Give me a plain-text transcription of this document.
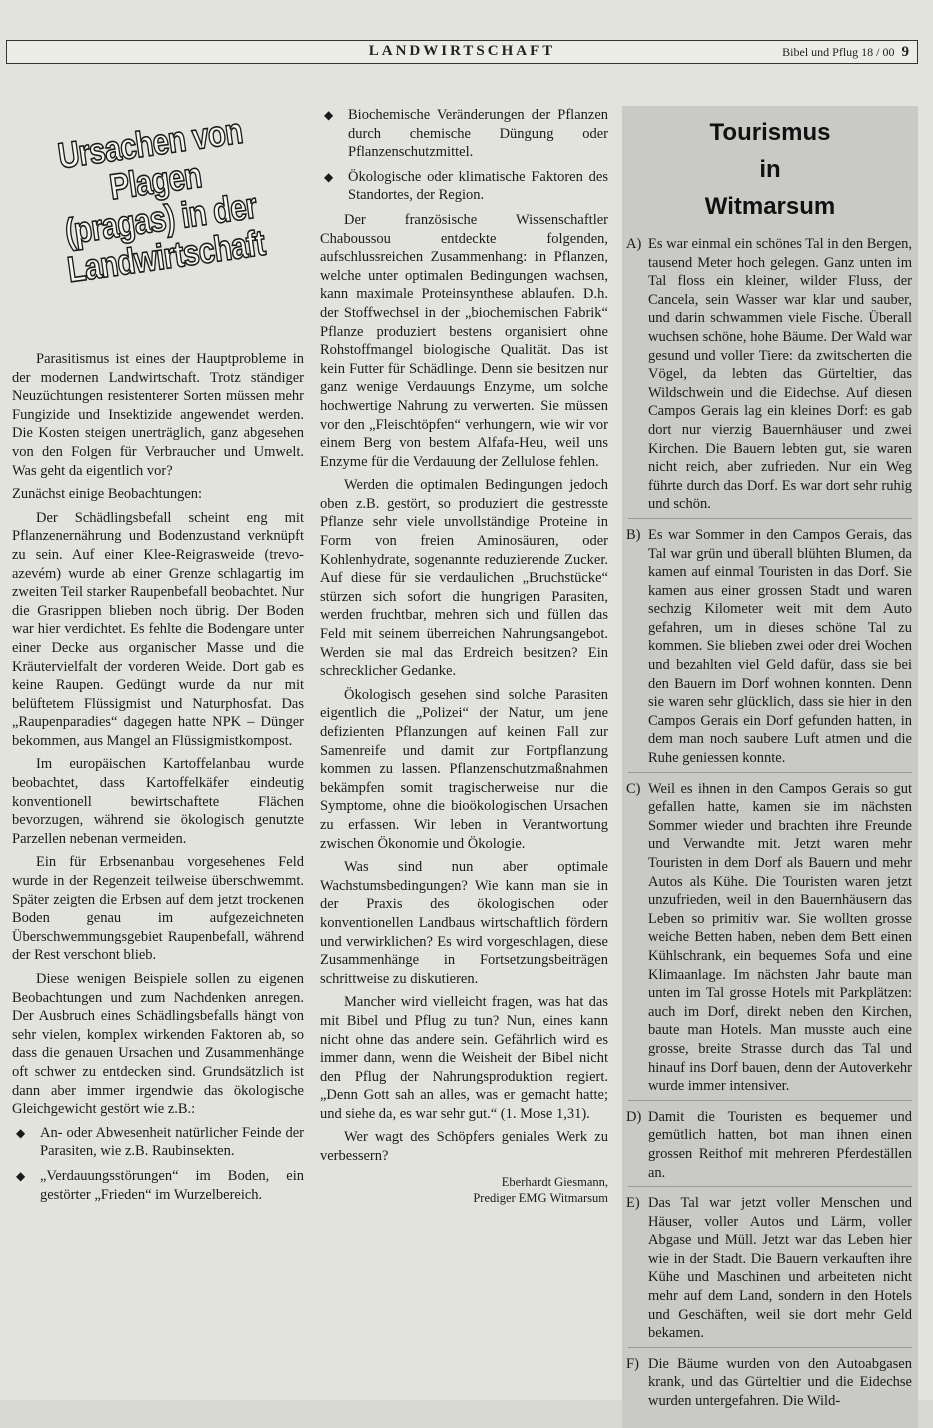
LANDWIRTSCHAFT	Bibel und Pflug 18 / 00 9
Ursachen von Plagen
(pragas) in der
Landwirtschaft

Parasitismus ist eines der Hauptprobleme in der modernen Landwirtschaft. Trotz ständiger Neuzüchtungen resistenterer Sorten müssen mehr Fungizide und Insektizide angewendet werden. Die Kosten steigen unerträglich, ganz abgesehen von den Folgen für Verbraucher und Umwelt. Was geht da eigentlich vor?

Zunächst einige Beobachtungen:

Der Schädlingsbefall scheint eng mit Pflanzenernährung und Bodenzustand verknüpft zu sein. Auf einer Klee-Reigrasweide (trevo-azevém) wurde ab einer Grenze schlagartig im zweiten Teil starker Raupenbefall beobachtet. Nur die Grasrippen blieben noch übrig. Der Boden war hier verdichtet. Es fehlte die Bodengare unter einer Decke aus organischer Masse und die Kräutervielfalt der vorderen Weide. Dort gab es keine Raupen. Gedüngt wurde da nur mit belüftetem Flüssigmist und Naturphosfat. Das „Raupenparadies“ dagegen hatte NPK – Dünger bekommen, aus Mangel an Flüssigmistkompost.

Im europäischen Kartoffelanbau wurde beobachtet, dass Kartoffelkäfer eindeutig konventionell bewirtschaftete Flächen bevorzugen, während sie ökologisch genutzte Parzellen nebenan vermeiden.

Ein für Erbsenanbau vorgesehenes Feld wurde in der Regenzeit teilweise überschwemmt. Später zeigten die Erbsen auf dem jetzt trockenen Boden genau im aufgezeichneten Überschwemmungsgebiet Raupenbefall, während der Rest verschont blieb.

Diese wenigen Beispiele sollen zu eigenen Beobachtungen und zum Nachdenken anregen. Der Ausbruch eines Schädlingsbefalls hängt von sehr vielen, komplex wirkenden Faktoren ab, so dass die genauen Ursachen und Zusammenhänge oft schwer zu entdecken sind. Grundsätzlich ist dann aber immer irgendwie das ökologische Gleichgewicht gestört wie z.B.:

◆ An- oder Abwesenheit natürlicher Feinde der Parasiten, wie z.B. Raubinsekten.
◆ „Verdauungsstörungen“ im Boden, ein gestörter „Frieden“ im Wurzelbereich.
◆ Biochemische Veränderungen der Pflanzen durch chemische Düngung oder Pflanzenschutzmittel.
◆ Ökologische oder klimatische Faktoren des Standortes, der Region.

Der französische Wissenschaftler Chaboussou entdeckte folgenden, aufschlussreichen Zusammenhang: in Pflanzen, welche unter optimalen Bedingungen wachsen, kann maximale Proteinsynthese ablaufen. D.h. der Stoffwechsel in der „biochemischen Fabrik“ Pflanze produziert bestens organisiert ohne Rohstoffmangel biologische Qualität. Das ist kein Futter für Schädlinge. Denn sie besitzen nur ganz wenige Verdauungs Enzyme, um solche hochwertige Nahrung zu verwerten. Sie müssen vor den „Fleischtöpfen“ verhungern, wie wir vor einem Berg von bestem Alfafa-Heu, weil uns Enzyme für die Verdauung der Zellulose fehlen.

Werden die optimalen Bedingungen jedoch oben z.B. gestört, so produziert die gestresste Pflanze sehr viele unvollständige Proteine in Form von freien Aminosäuren, oder Kohlenhydrate, sogenannte reduzierende Zucker. Auf diese für sie verdaulichen „Bruchstücke“ stürzen sich sofort die hungrigen Parasiten, werden fruchtbar, mehren sich und füllen das Feld mit seinem überreichen Nahrungsangebot. Werden sie mal das Erdreich besitzen? Ein schrecklicher Gedanke.

Ökologisch gesehen sind solche Parasiten eigentlich die „Polizei“ der Natur, um jene defizienten Pflanzungen auf keinen Fall zur Samenreife und damit zur Fortpflanzung kommen zu lassen. Pflanzenschutzmaßnahmen bekämpfen somit tragischerweise nur die Symptome, ohne die bioökologischen Ursachen zu erfassen. Wir leben in Verantwortung zwischen Ökonomie und Ökologie.

Was sind nun aber optimale Wachstumsbedingungen? Wie kann man sie in der Praxis des ökologischen oder konventionellen Landbaus wirtschaftlich fördern und verwirklichen? Es wird vorgeschlagen, diese Zusammenhänge in Fortsetzungsbeiträgen schrittweise zu diskutieren.

Mancher wird vielleicht fragen, was hat das mit Bibel und Pflug zu tun? Nun, eines kann nicht ohne das andere sein. Gefährlich wird es immer dann, wenn die Weisheit der Bibel nicht den Pflug der Nahrungsproduktion regiert. „Denn Gott sah an alles, was er gemacht hatte; und siehe da, es war sehr gut.“ (1. Mose 1,31).

Wer wagt des Schöpfers geniales Werk zu verbessern?

Eberhardt Giesmann,
Prediger EMG Witmarsum
Tourismus
in
Witmarsum
A) Es war einmal ein schönes Tal in den Bergen, tausend Meter hoch gelegen. Ganz unten im Tal floss ein kleiner, wilder Fluss, der Cancela, sein Wasser war klar und sauber, und darin schwammen viele Fische. Überall wuchsen schöne, hohe Bäume. Der Wald war gesund und voller Tiere: da zwitscherten die Vögel, da lebten das Gürteltier, das Wildschwein und die Eidechse. Auf diesen Campos Gerais lag ein kleines Dorf: es gab dort nur vierzig Bauernhäuser und zwei Kirchen. Die Bauern lebten gut, sie waren nicht reich, aber zufrieden. Nur ein Weg führte durch das Dorf. Es war dort sehr ruhig und schön.

B) Es war Sommer in den Campos Gerais, das Tal war grün und überall blühten Blumen, da kamen auf einmal Touristen in das Dorf. Sie kamen aus einer grossen Stadt und waren sechzig Kilometer weit mit dem Auto gefahren, um in dieses schöne Tal zu kommen. Sie blieben zwei oder drei Wochen und bezahlten viel Geld dafür, dass sie bei den Bauern im Dorf wohnen konnten. Denn sie waren sehr glücklich, dass sie hier in den Campos Gerais ein Dorf gefunden hatten, in dem man noch saubere Luft atmen und die Ruhe geniessen konnte.

C) Weil es ihnen in den Campos Gerais so gut gefallen hatte, kamen sie im nächsten Sommer wieder und brachten ihre Freunde und Verwandte mit. Jetzt waren mehr Touristen in dem Dorf als Bauern und mehr Autos als Kühe. Die Touristen waren jetzt unzufrieden, weil in den Bauernhäusern das Leben so primitiv war. Sie wollten grosse weiche Betten haben, neben dem Bett einen Kühlschrank, ein bequemes Sofa und eine Klimaanlage. Im nächsten Jahr baute man unten im Tal grosse Hotels mit Parkplätzen: auch im Dorf, direkt neben den Kirchen, baute man Hotels. Man musste auch eine grosse, breite Strasse durch das Tal und hinauf ins Dorf bauen, denn der Autoverkehr wurde immer intensiver.

D) Damit die Touristen es bequemer und gemütlich hatten, bot man ihnen einen grossen Reithof mit mehreren Pferdeställen an.

E) Das Tal war jetzt voller Menschen und Häuser, voller Autos und Lärm, voller Abgase und Müll. Jetzt war das Leben hier wie in der Stadt. Die Bauern verkauften ihre Kühe und Maschinen und arbeiteten nicht mehr auf dem Land, sondern in den Hotels und Geschäften, weil sie dort mehr Geld bekamen.

F) Die Bäume wurden von den Autoabgasen krank, und das Gürteltier und die Eidechse wurden untergefahren. Die Wild-
